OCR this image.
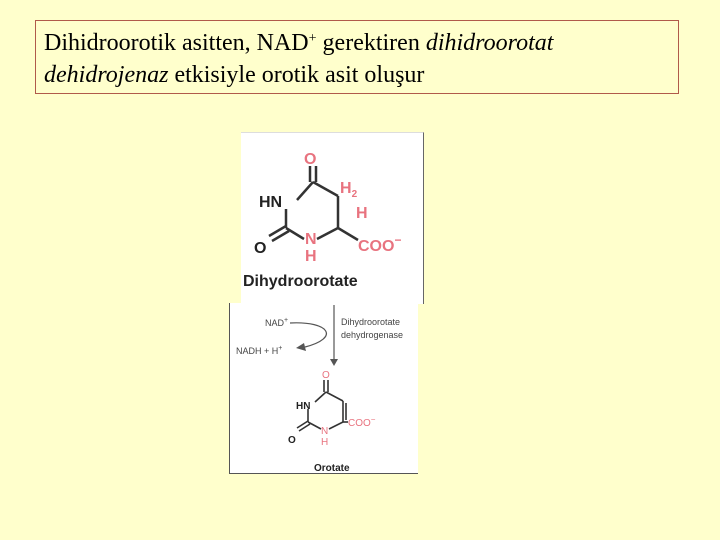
Dihidroorotik asitten, NAD+ gerektiren dihidroorotat
dehidrojenaz etkisiyle orotik asit oluşur
O
$H_2$
H
N
H
COO−
HN
O
Dihydroorotate
NAD+
NADH + H+
Dihydroorotate
dehydrogenase
O
N
H
COO−
HN
O
Orotate
